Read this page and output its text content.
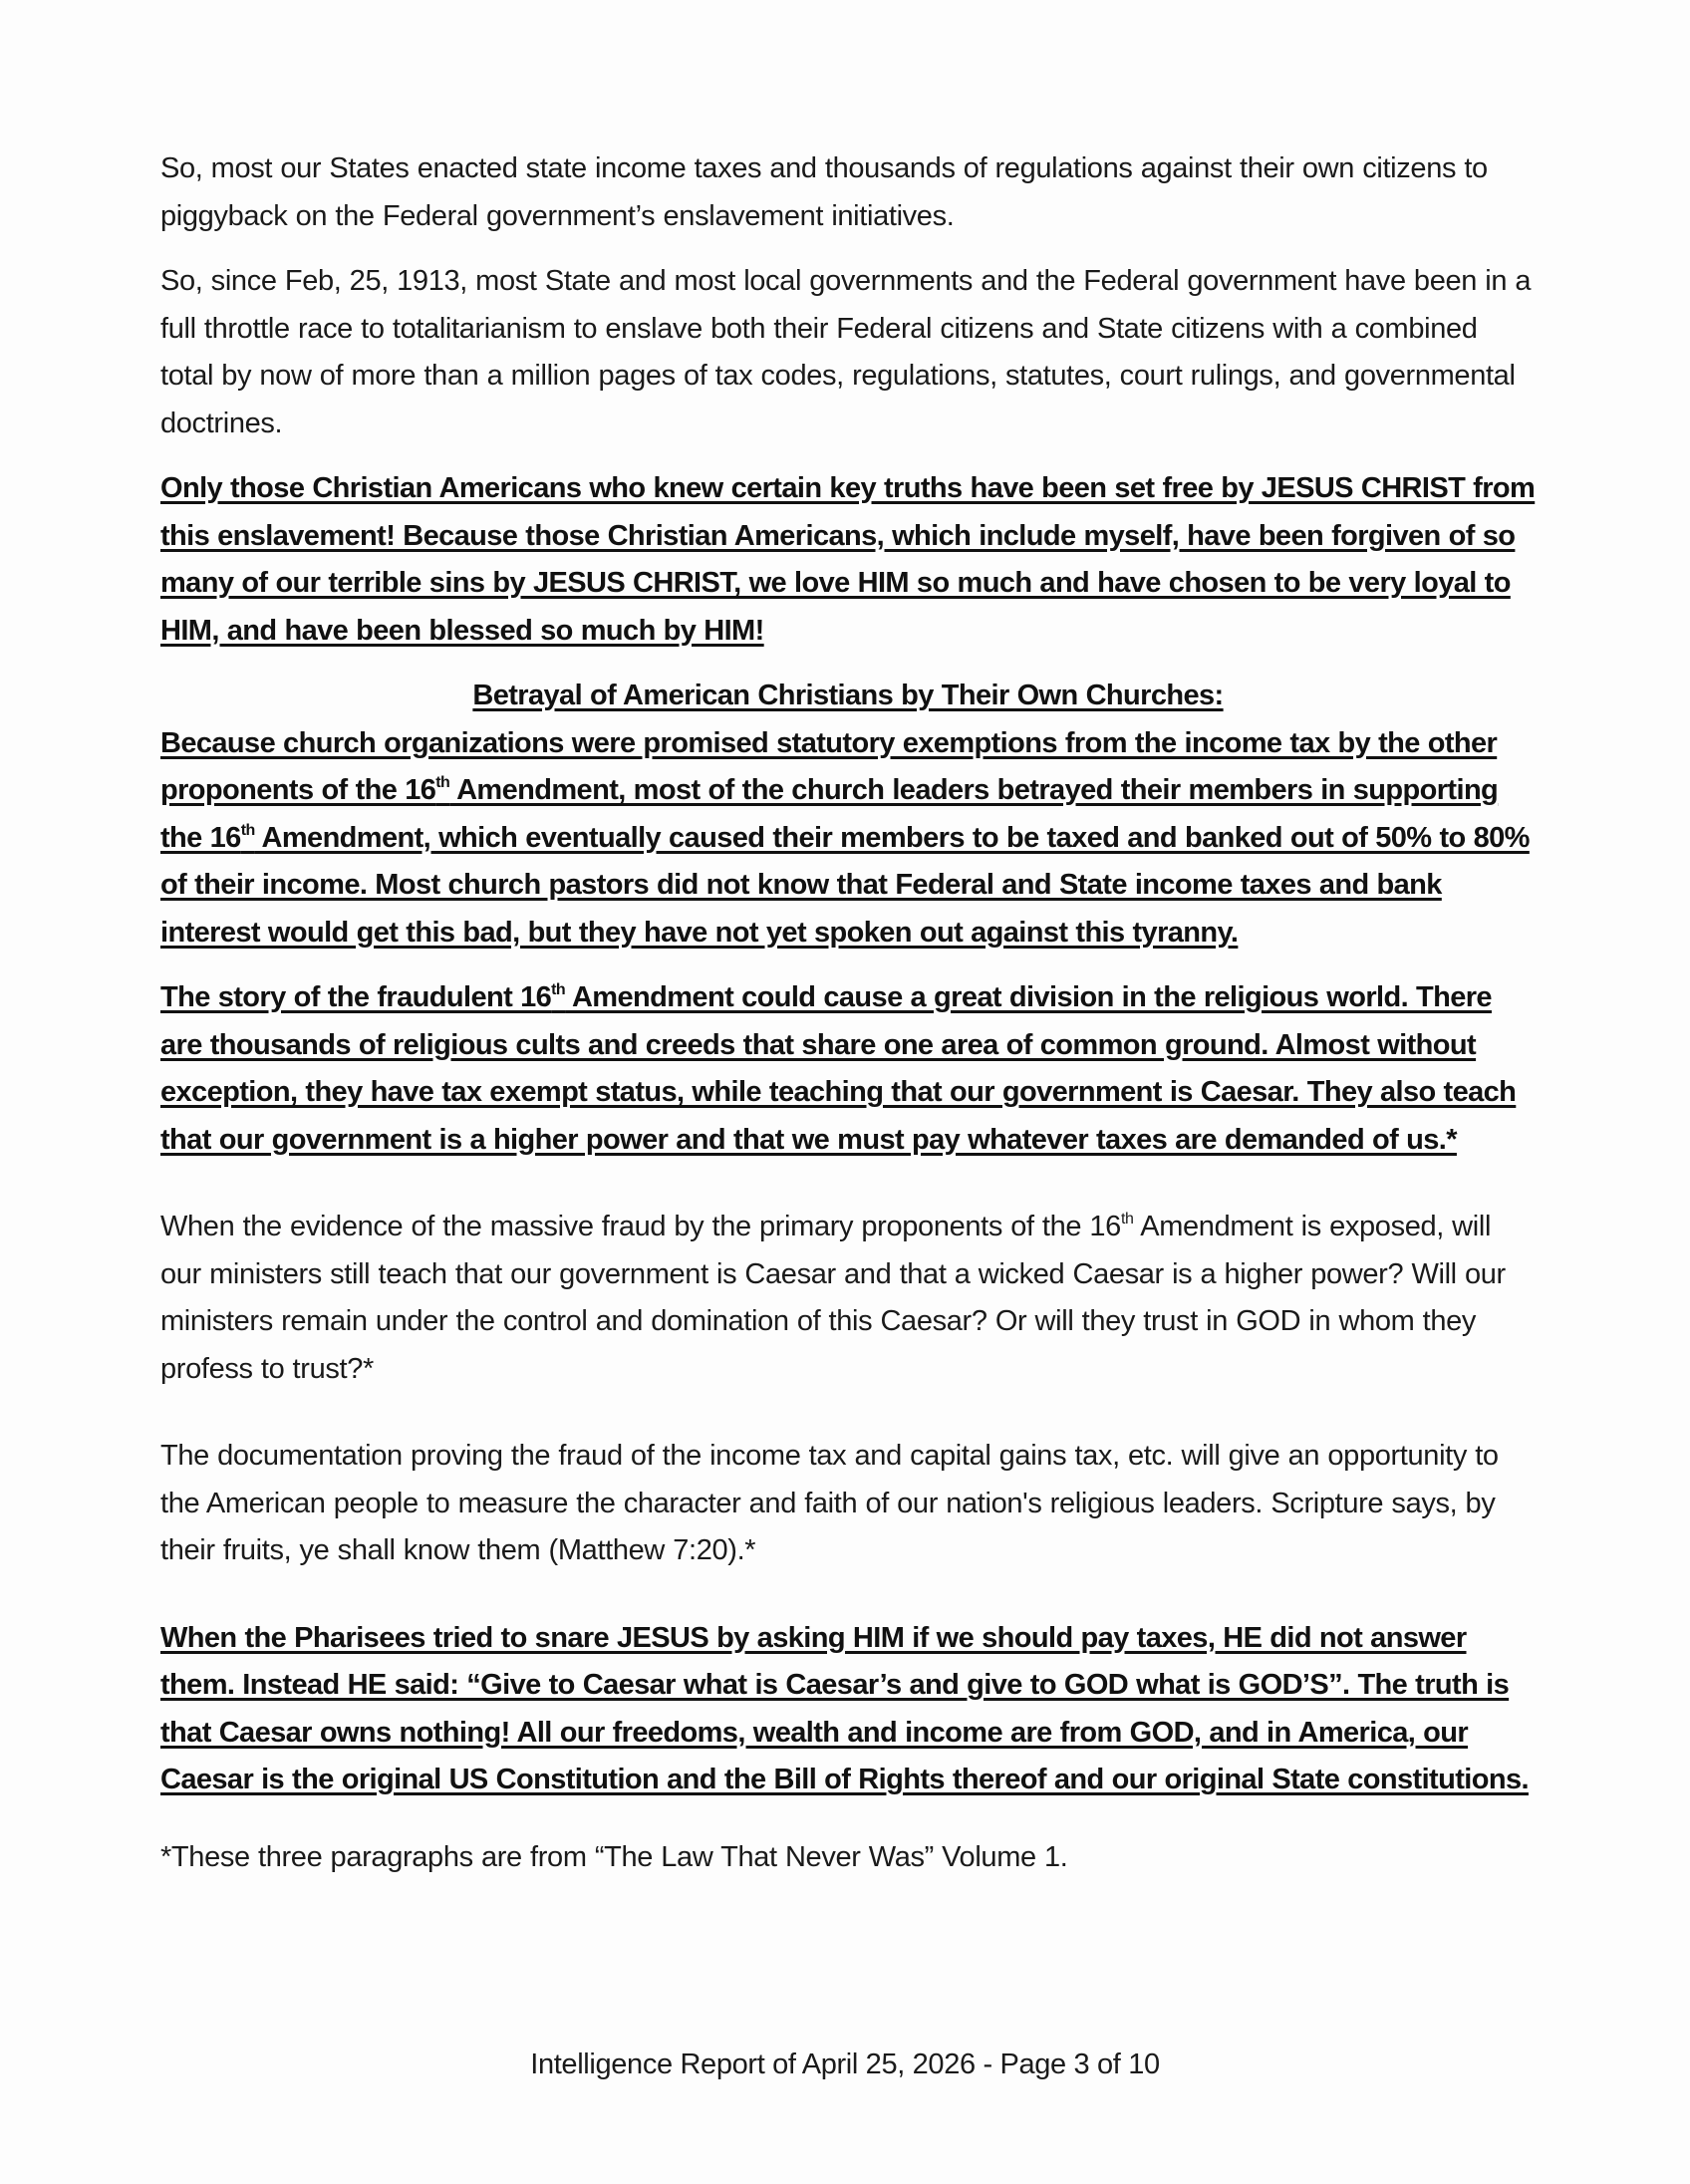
So, most our States enacted state income taxes and thousands of regulations against their own citizens to piggyback on the Federal government’s enslavement initiatives.

So, since Feb, 25, 1913, most State and most local governments and the Federal government have been in a full throttle race to totalitarianism to enslave both their Federal citizens and State citizens with a combined total by now of more than a million pages of tax codes, regulations, statutes, court rulings, and governmental doctrines.

Only those Christian Americans who knew certain key truths have been set free by JESUS CHRIST from this enslavement! Because those Christian Americans, which include myself, have been forgiven of so many of our terrible sins by JESUS CHRIST, we love HIM so much and have chosen to be very loyal to HIM, and have been blessed so much by HIM!

Betrayal of American Christians by Their Own Churches:

Because church organizations were promised statutory exemptions from the income tax by the other proponents of the 16th Amendment, most of the church leaders betrayed their members in supporting the 16th Amendment, which eventually caused their members to be taxed and banked out of 50% to 80% of their income. Most church pastors did not know that Federal and State income taxes and bank interest would get this bad, but they have not yet spoken out against this tyranny.

The story of the fraudulent 16th Amendment could cause a great division in the religious world. There are thousands of religious cults and creeds that share one area of common ground. Almost without exception, they have tax exempt status, while teaching that our government is Caesar. They also teach that our government is a higher power and that we must pay whatever taxes are demanded of us.*

When the evidence of the massive fraud by the primary proponents of the 16th Amendment is exposed, will our ministers still teach that our government is Caesar and that a wicked Caesar is a higher power? Will our ministers remain under the control and domination of this Caesar? Or will they trust in GOD in whom they profess to trust?*

The documentation proving the fraud of the income tax and capital gains tax, etc. will give an opportunity to the American people to measure the character and faith of our nation's religious leaders. Scripture says, by their fruits, ye shall know them (Matthew 7:20).*

When the Pharisees tried to snare JESUS by asking HIM if we should pay taxes, HE did not answer them. Instead HE said: “Give to Caesar what is Caesar’s and give to GOD what is GOD’S”. The truth is that Caesar owns nothing! All our freedoms, wealth and income are from GOD, and in America, our Caesar is the original US Constitution and the Bill of Rights thereof and our original State constitutions.

*These three paragraphs are from “The Law That Never Was” Volume 1.

Intelligence Report of April 25, 2026 - Page 3 of 10
